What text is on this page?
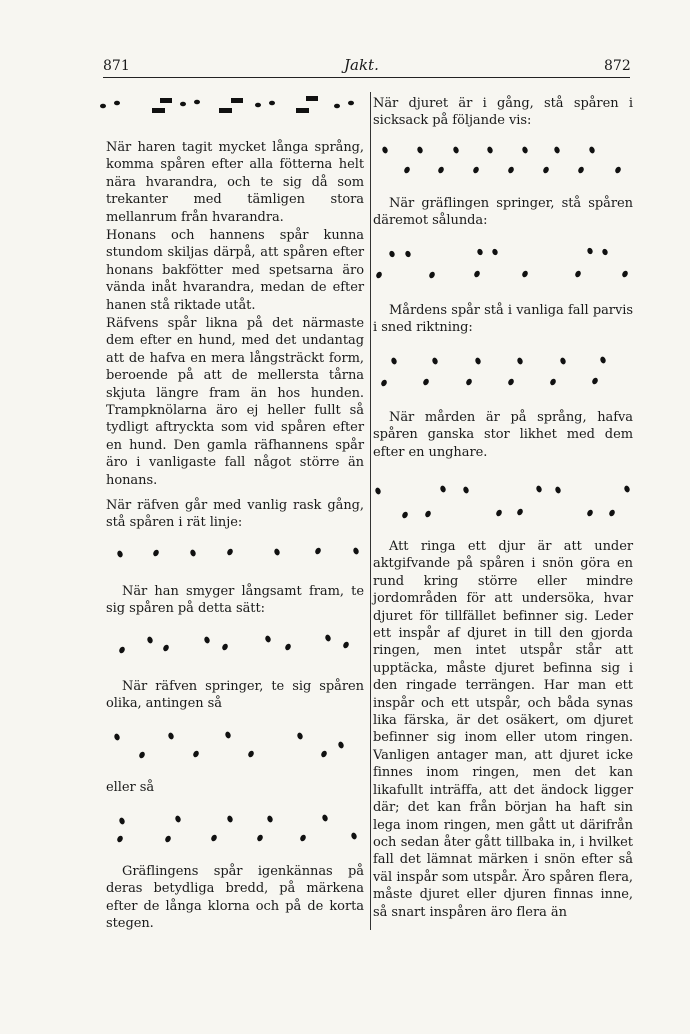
871	Jakt.	872

När haren tagit mycket långa språng, komma spåren efter alla fötterna helt nära hvarandra, och te sig då som trekanter med tämligen stora mellanrum från hvarandra.

Honans och hannens spår kunna stundom skiljas därpå, att spåren efter honans bakfötter med spetsarna äro vända inåt hvarandra, medan de efter hanen stå riktade utåt.

Räfvens spår likna på det närmaste dem efter en hund, med det undantag att de hafva en mera långsträckt form, beroende på att de mellersta tårna skjuta längre fram än hos hunden. Trampknölarna äro ej heller fullt så tydligt aftryckta som vid spåren efter en hund. Den gamla räfhannens spår äro i vanligaste fall något större än honans.

När räfven går med vanlig rask gång, stå spåren i rät linje:

När han smyger långsamt fram, te sig spåren på detta sätt:

När räfven springer, te sig spåren olika, antingen så

eller så

Gräflingens spår igenkännas på deras betydliga bredd, på märkena efter de långa klorna och på de korta stegen.

När djuret är i gång, stå spåren i sicksack på följande vis:

När gräflingen springer, stå spåren däremot sålunda:

Mårdens spår stå i vanliga fall parvis i sned riktning:

När mården är på språng, hafva spåren ganska stor likhet med dem efter en unghare.

Att ringa ett djur är att under aktgifvande på spåren i snön göra en rund kring större eller mindre jordområden för att undersöka, hvar djuret för tillfället befinner sig. Leder ett inspår af djuret in till den gjorda ringen, men intet utspår står att upptäcka, måste djuret befinna sig i den ringade terrängen. Har man ett inspår och ett utspår, och båda synas lika färska, är det osäkert, om djuret befinner sig inom eller utom ringen. Vanligen antager man, att djuret icke finnes inom ringen, men det kan likafullt inträffa, att det ändock ligger där; det kan från början ha haft sin lega inom ringen, men gått ut därifrån och sedan åter gått tillbaka in, i hvilket fall det lämnat märken i snön efter så väl inspår som utspår. Äro spåren flera, måste djuret eller djuren finnas inne, så snart inspåren äro flera än
